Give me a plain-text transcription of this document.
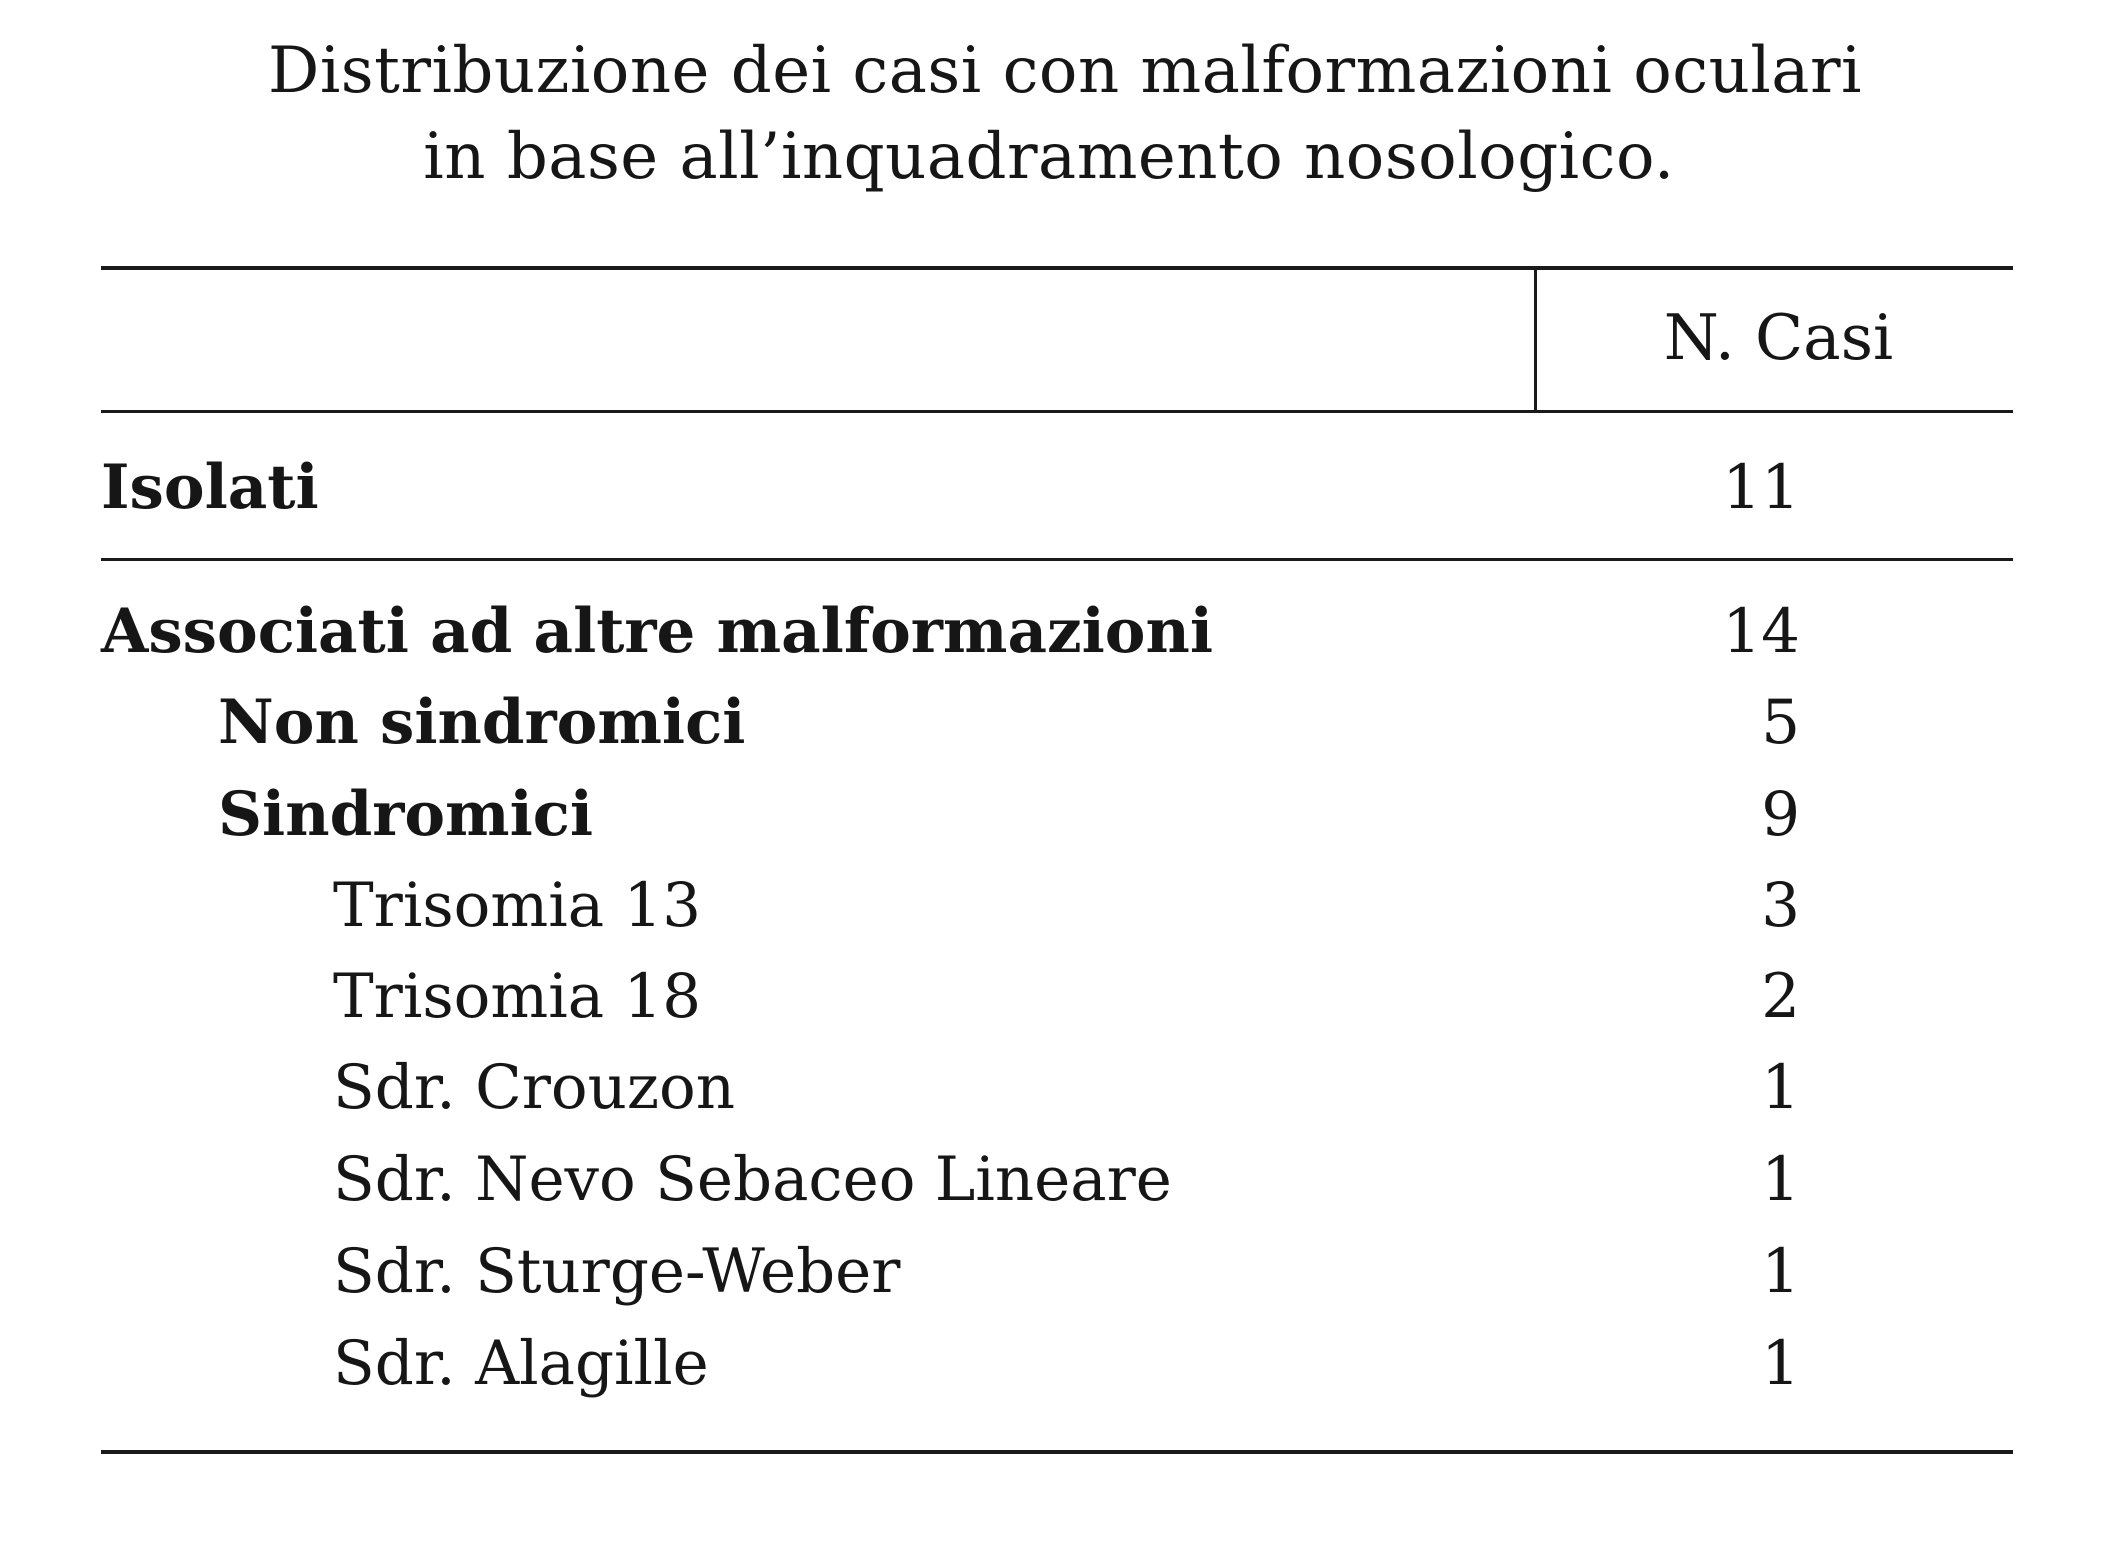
Distribuzione dei casi con malformazioni oculari
in base all’inquadramento nosologico.
N. Casi
Isolati	11
Associati ad altre malformazioni	14
Non sindromici	5
Sindromici	9
Trisomia 13	3
Trisomia 18	2
Sdr. Crouzon	1
Sdr. Nevo Sebaceo Lineare	1
Sdr. Sturge-Weber	1
Sdr. Alagille	1
